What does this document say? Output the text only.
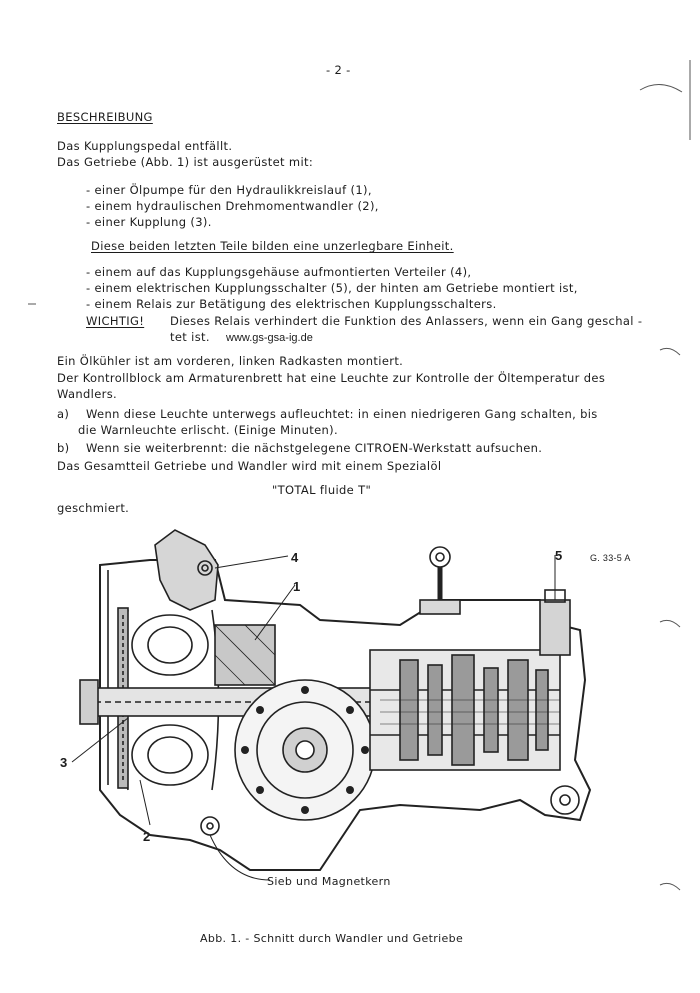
- 2 -
BESCHREIBUNG
Das Kupplungspedal entfällt.
Das Getriebe (Abb. 1) ist ausgerüstet mit:
- einer Ölpumpe für den Hydraulikkreislauf (1),
- einem hydraulischen Drehmomentwandler (2),
- einer Kupplung (3).
Diese beiden letzten Teile bilden eine unzerlegbare Einheit.
- einem auf das Kupplungsgehäuse aufmontierten Verteiler (4),
- einem elektrischen Kupplungsschalter (5), der hinten am Getriebe montiert ist,
- einem Relais zur Betätigung des elektrischen Kupplungsschalters.
WICHTIG! Dieses Relais verhindert die Funktion des Anlassers, wenn ein Gang geschal -
tet ist. www.gs-gsa-ig.de
Ein Ölkühler ist am vorderen, linken Radkasten montiert.
Der Kontrollblock am Armaturenbrett hat eine Leuchte zur Kontrolle der Öltemperatur des
Wandlers.
a) Wenn diese Leuchte unterwegs aufleuchtet: in einen niedrigeren Gang schalten, bis
die Warnleuchte erlischt. (Einige Minuten).
b) Wenn sie weiterbrennt: die nächstgelegene CITROEN-Werkstatt aufsuchen.
Das Gesamtteil Getriebe und Wandler wird mit einem Spezialöl
"TOTAL fluide T"
geschmiert.
G. 33-5 A
4
1
5
3
2
Sieb und Magnetkern
Abb. 1. - Schnitt durch Wandler und Getriebe
